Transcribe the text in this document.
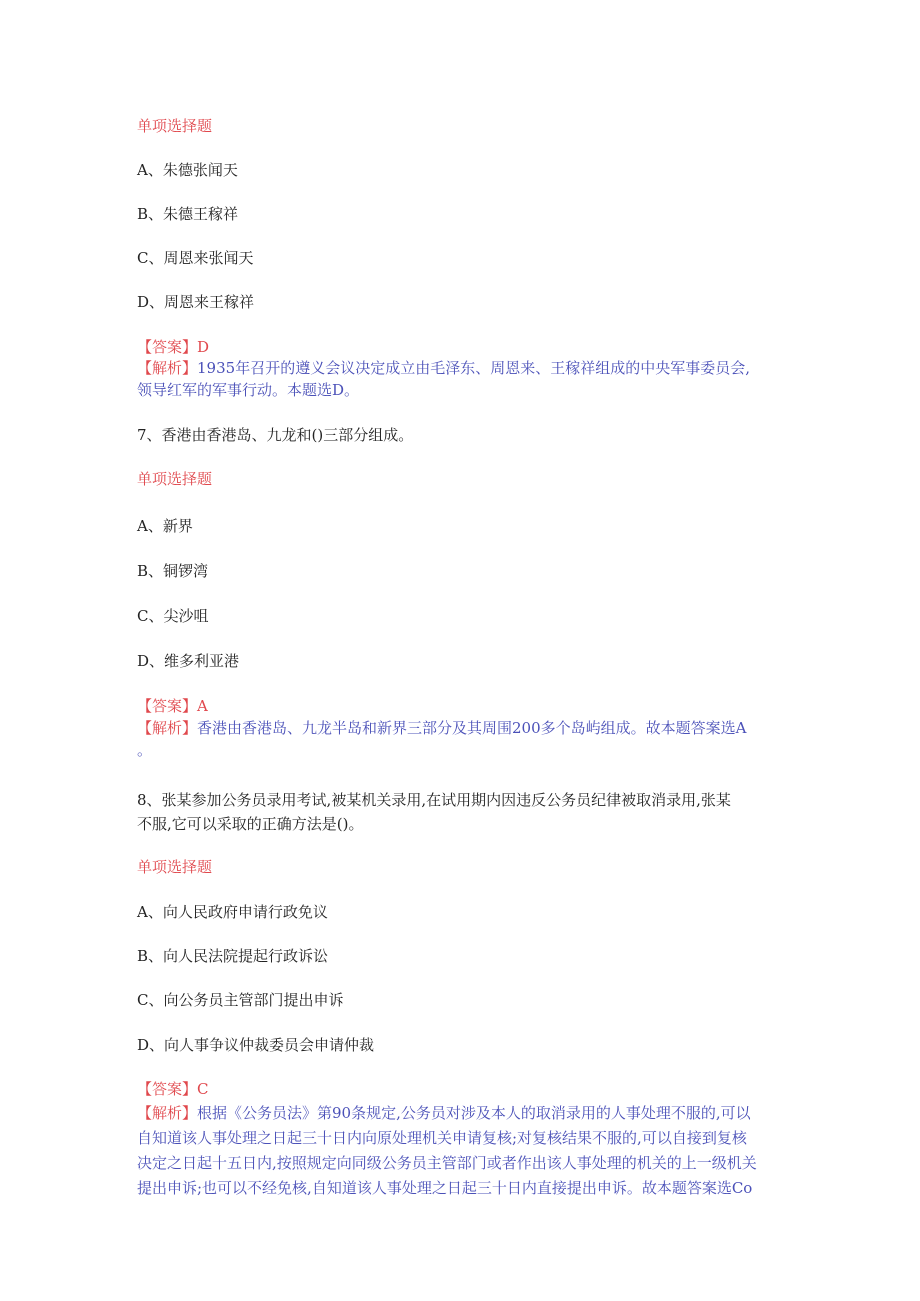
单项选择题
A、朱德张闻天
B、朱德王稼祥
C、周恩来张闻天
D、周恩来王稼祥
【答案】D
【解析】1935年召开的遵义会议决定成立由毛泽东、周恩来、王稼祥组成的中央军事委员会,
领导红军的军事行动。本题选D。
7、香港由香港岛、九龙和()三部分组成。
单项选择题
A、新界
B、铜锣湾
C、尖沙咀
D、维多利亚港
【答案】A
【解析】香港由香港岛、九龙半岛和新界三部分及其周围200多个岛屿组成。故本题答案选A
。
8、张某参加公务员录用考试,被某机关录用,在试用期内因违反公务员纪律被取消录用,张某
不服,它可以采取的正确方法是()。
单项选择题
A、向人民政府申请行政免议
B、向人民法院提起行政诉讼
C、向公务员主管部门提出申诉
D、向人事争议仲裁委员会申请仲裁
【答案】C
【解析】根据《公务员法》第90条规定,公务员对涉及本人的取消录用的人事处理不服的,可以
自知道该人事处理之日起三十日内向原处理机关申请复核;对复核结果不服的,可以自接到复核
决定之日起十五日内,按照规定向同级公务员主管部门或者作出该人事处理的机关的上一级机关
提出申诉;也可以不经免核,自知道该人事处理之日起三十日内直接提出申诉。故本题答案选Co
